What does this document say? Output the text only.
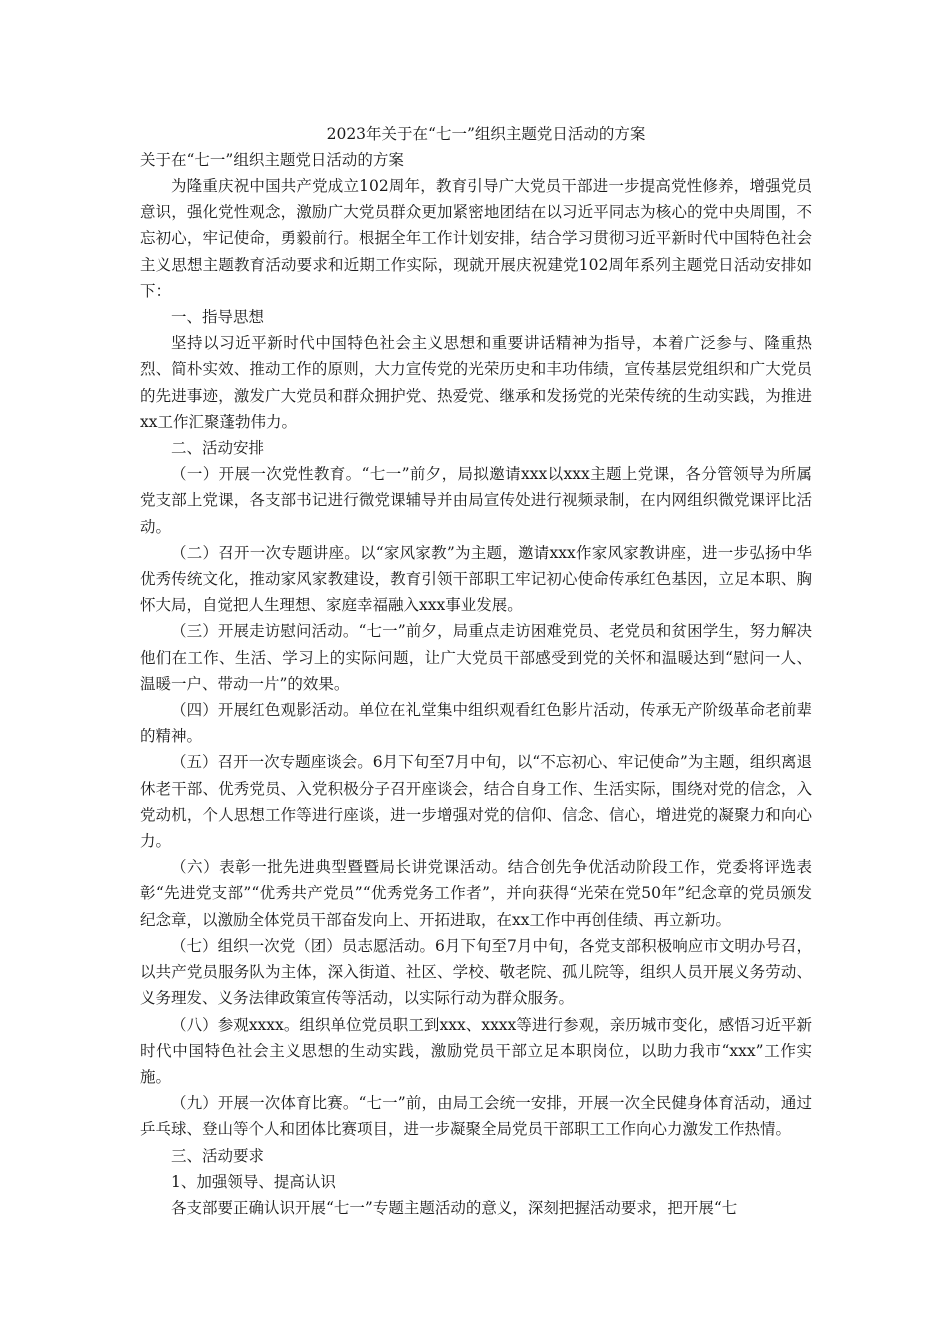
2023年关于在“七一”组织主题党日活动的方案
关于在“七一”组织主题党日活动的方案

为隆重庆祝中国共产党成立102周年，教育引导广大党员干部进一步提高党性修养，增强党员意识，强化党性观念，激励广大党员群众更加紧密地团结在以习近平同志为核心的党中央周围，不忘初心，牢记使命，勇毅前行。根据全年工作计划安排，结合学习贯彻习近平新时代中国特色社会主义思想主题教育活动要求和近期工作实际，现就开展庆祝建党102周年系列主题党日活动安排如下：

一、指导思想

坚持以习近平新时代中国特色社会主义思想和重要讲话精神为指导，本着广泛参与、隆重热烈、简朴实效、推动工作的原则，大力宣传党的光荣历史和丰功伟绩，宣传基层党组织和广大党员的先进事迹，激发广大党员和群众拥护党、热爱党、继承和发扬党的光荣传统的生动实践，为推进xx工作汇聚蓬勃伟力。

二、活动安排

（一）开展一次党性教育。“七一”前夕，局拟邀请xxx以xxx主题上党课，各分管领导为所属党支部上党课，各支部书记进行微党课辅导并由局宣传处进行视频录制，在内网组织微党课评比活动。

（二）召开一次专题讲座。以“家风家教”为主题，邀请xxx作家风家教讲座，进一步弘扬中华优秀传统文化，推动家风家教建设，教育引领干部职工牢记初心使命传承红色基因，立足本职、胸怀大局，自觉把人生理想、家庭幸福融入xxx事业发展。

（三）开展走访慰问活动。“七一”前夕，局重点走访困难党员、老党员和贫困学生，努力解决他们在工作、生活、学习上的实际问题，让广大党员干部感受到党的关怀和温暖达到“慰问一人、温暖一户、带动一片”的效果。

（四）开展红色观影活动。单位在礼堂集中组织观看红色影片活动，传承无产阶级革命老前辈的精神。

（五）召开一次专题座谈会。6月下旬至7月中旬，以“不忘初心、牢记使命”为主题，组织离退休老干部、优秀党员、入党积极分子召开座谈会，结合自身工作、生活实际，围绕对党的信念，入党动机，个人思想工作等进行座谈，进一步增强对党的信仰、信念、信心，增进党的凝聚力和向心力。

（六）表彰一批先进典型暨暨局长讲党课活动。结合创先争优活动阶段工作，党委将评选表彰“先进党支部”“优秀共产党员”“优秀党务工作者”，并向获得“光荣在党50年”纪念章的党员颁发纪念章，以激励全体党员干部奋发向上、开拓进取，在xx工作中再创佳绩、再立新功。

（七）组织一次党（团）员志愿活动。6月下旬至7月中旬，各党支部积极响应市文明办号召，以共产党员服务队为主体，深入街道、社区、学校、敬老院、孤儿院等，组织人员开展义务劳动、义务理发、义务法律政策宣传等活动，以实际行动为群众服务。

（八）参观xxxx。组织单位党员职工到xxx、xxxx等进行参观，亲历城市变化，感悟习近平新时代中国特色社会主义思想的生动实践，激励党员干部立足本职岗位，以助力我市“xxx”工作实施。

（九）开展一次体育比赛。“七一”前，由局工会统一安排，开展一次全民健身体育活动，通过乒乓球、登山等个人和团体比赛项目，进一步凝聚全局党员干部职工工作向心力激发工作热情。

三、活动要求

1、加强领导、提高认识

各支部要正确认识开展“七一”专题主题活动的意义，深刻把握活动要求，把开展“七
